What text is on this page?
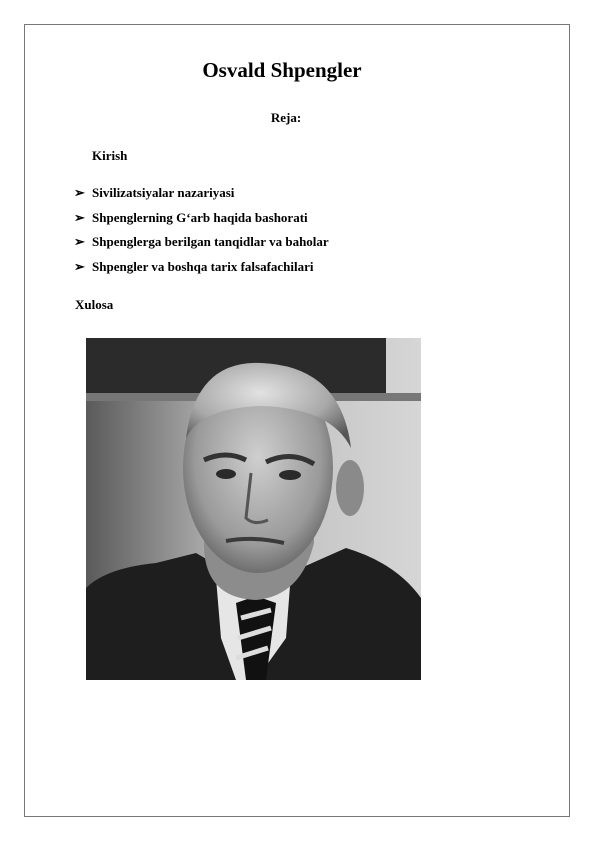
Osvald Shpengler
Reja:
Kirish
➢ Sivilizatsiyalar nazariyasi
➢ Shpenglerning G‘arb haqida bashorati
➢ Shpenglerga berilgan tanqidlar va baholar
➢ Shpengler va boshqa tarix falsafachilari
Xulosa
